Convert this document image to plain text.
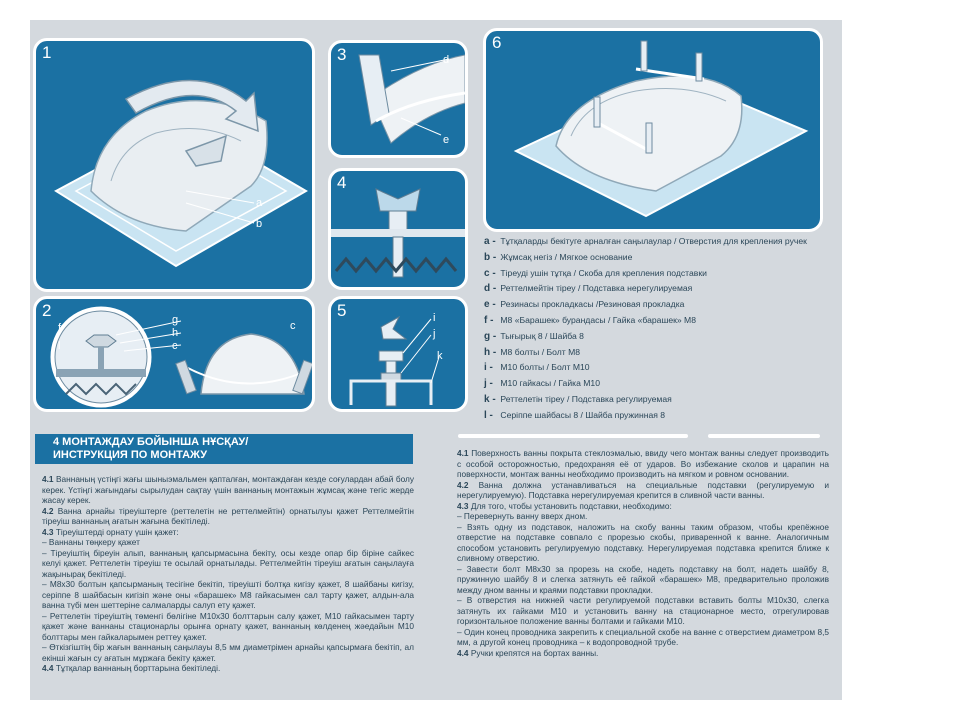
a
b
1
f
g
h
c
l
c
2
d
e
3
4
i
j
k
5
6
a - Тұтқаларды бекітуге арналған саңылаулар / Отверстия для крепления ручек
b - Жұмсақ негіз / Мягкое основание
c - Тіреуді ушін тұтқа / Скоба для крепления подставки
d - Реттелмейтін тіреу / Подставка нерегулируемая
e - Резинасы прокладкасы /Резиновая прокладка
f - M8 «Барашек» бурандасы / Гайка «барашек» M8
g - Тығырық 8 / Шайба 8
h - M8 болты / Болт M8
i - M10 болты / Болт M10
j - M10 гайкасы / Гайка M10
k - Реттелетін тіреу / Подставка регулируемая
l - Серіппе шайбасы 8 / Шайба пружинная 8
4 МОНТАЖДАУ БОЙЫНША НҰСҚАУ/
ИНСТРУКЦИЯ ПО МОНТАЖУ

4.1 Ваннаның үстіңгі жағы шыныэмальмен қапталған, монтаждаған кезде соғулардан абай болу керек. Үстіңгі жағындағы сырылудан сақтау үшін ваннаның монтажын жұмсақ және тегіс жерде жасау керек.

4.2 Ванна арнайы тіреуіштерге (реттелетін не реттелмейтін) орнатылуы қажет Реттелмейтін тіреуіш ваннаның ағатын жағына бекітіледі.

4.3 Тіреуіштерді орнату үшін қажет:

– Ваннаны төңкеру қажет

– Тіреуіштің біреуін алып, ваннаның қапсырмасына бекіту, осы кезде опар бір біріне сайкес келуі қажет. Реттелетін тіреуіш те осылай орнатылады. Реттелмейтін тіреуіш ағатын саңылауға жақынырақ бекітіледі.

– M8х30 болтын қапсырманың тесігіне бекітіп, тіреуішті болтқа кигізу қажет, 8 шайбаны кигізу, серіппе 8 шайбасын кигізіп және оны «барашек» M8 гайкасымен сал тарту қажет, алдын-ала ванна түбі мен шеттеріне салмаларды салуп ету қажет.

– Реттелетін тіреуіштің төменгі бөлігіне M10х30 болттарын салу қажет, M10 гайкасымен тарту қажет және ваннаны стационарлы орынға орнату қажет, ваннаның көлденең жәедайын M10 болттары мен гайкаларымен реттеу қажет.

– Өткізгіштің бір жағын ваннаның саңылауы 8,5 мм диаметрімен арнайы қапсырмаға бекітіп, ал екінші жағын су ағатын мұржаға бекіту қажет.

4.4 Тұтқалар ваннаның борттарына бекітіледі.

4.1 Поверхность ванны покрыта стеклоэмалью, ввиду чего монтаж ванны следует производить с особой осторожностью, предохраняя её от ударов. Во избежание сколов и царапин на поверхности, монтаж ванны необходимо производить на мягком и ровном основании.

4.2 Ванна должна устанавливаться на специальные подставки (регулируемую и нерегулируемую). Подставка нерегулируемая крепится в сливной части ванны.

4.3 Для того, чтобы установить подставки, необходимо:

– Перевернуть ванну вверх дном.

– Взять одну из подставок, наложить на скобу ванны таким образом, чтобы крепёжное отверстие на подставке совпало с прорезью скобы, приваренной к ванне. Аналогичным способом установить регулируемую подставку. Нерегулируемая подставка крепится ближе к сливному отверстию.

– Завести болт M8х30 за прорезь на скобе, надеть подставку на болт, надеть шайбу 8, пружинную шайбу 8 и слегка затянуть её гайкой «барашек» M8, предварительно проложив между дном ванны и краями подставки прокладки.

– В отверстия на нижней части регулируемой подставки вставить болты M10х30, слегка затянуть их гайками M10 и установить ванну на стационарное место, отрегулировав горизонтальное положение ванны болтами и гайками M10.

– Один конец проводника закрепить к специальной скобе на ванне с отверстием диаметром 8,5 мм, а другой конец проводника – к водопроводной трубе.

4.4 Ручки крепятся на бортах ванны.
